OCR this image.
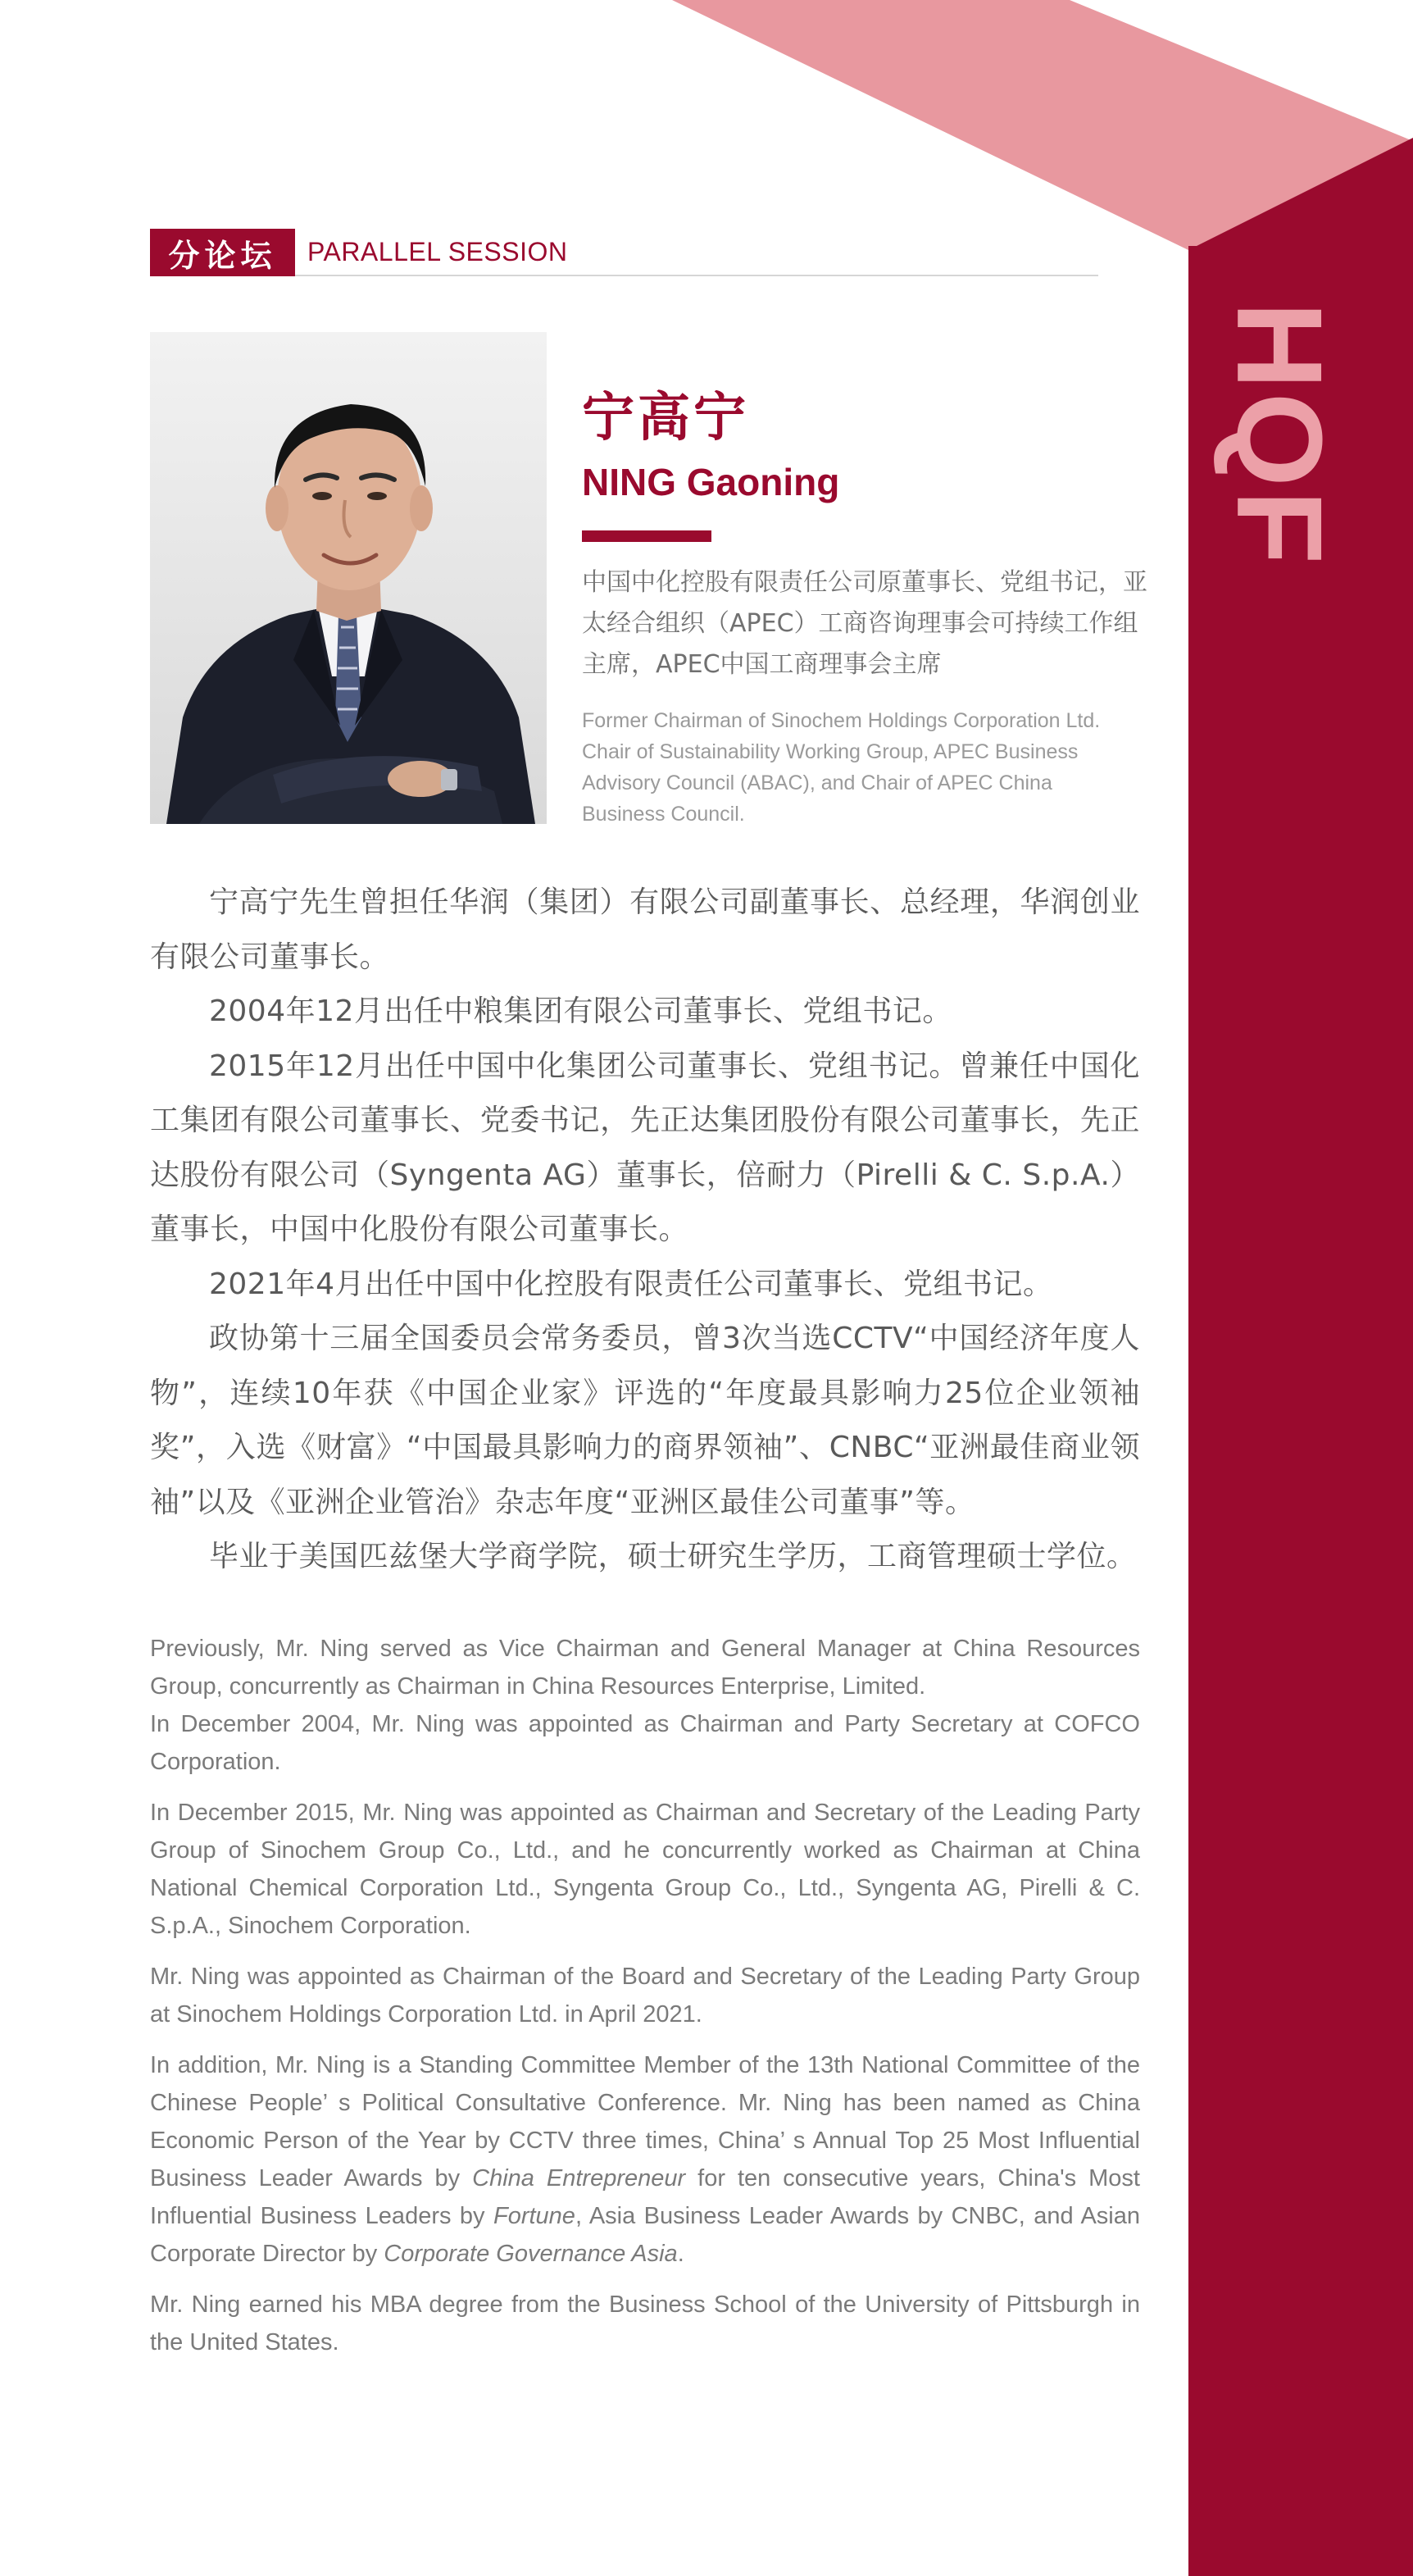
HQF
分论坛	PARALLEL SESSION
宁高宁
NING Gaoning

中国中化控股有限责任公司原董事长、党组书记，亚太经合组织（APEC）工商咨询理事会可持续工作组主席，APEC中国工商理事会主席

Former Chairman of Sinochem Holdings Corporation Ltd. Chair of Sustainability Working Group, APEC Business Advisory Council (ABAC), and Chair of APEC China Business Council.

宁高宁先生曾担任华润（集团）有限公司副董事长、总经理，华润创业有限公司董事长。

2004年12月出任中粮集团有限公司董事长、党组书记。

2015年12月出任中国中化集团公司董事长、党组书记。曾兼任中国化工集团有限公司董事长、党委书记，先正达集团股份有限公司董事长，先正达股份有限公司（Syngenta AG）董事长，倍耐力（Pirelli & C. S.p.A.）董事长，中国中化股份有限公司董事长。

2021年4月出任中国中化控股有限责任公司董事长、党组书记。

政协第十三届全国委员会常务委员，曾3次当选CCTV“中国经济年度人物”，连续10年获《中国企业家》评选的“年度最具影响力25位企业领袖奖”，入选《财富》“中国最具影响力的商界领袖”、CNBC“亚洲最佳商业领袖”以及《亚洲企业管治》杂志年度“亚洲区最佳公司董事”等。

毕业于美国匹兹堡大学商学院，硕士研究生学历，工商管理硕士学位。

Previously, Mr. Ning served as Vice Chairman and General Manager at China Resources Group, concurrently as Chairman in China Resources Enterprise, Limited.

In December 2004, Mr. Ning was appointed as Chairman and Party Secretary at COFCO Corporation.

In December 2015, Mr. Ning was appointed as Chairman and Secretary of the Leading Party Group of Sinochem Group Co., Ltd., and he concurrently worked as Chairman at China National Chemical Corporation Ltd., Syngenta Group Co., Ltd., Syngenta AG, Pirelli & C. S.p.A., Sinochem Corporation.

Mr. Ning was appointed as Chairman of the Board and Secretary of the Leading Party Group at Sinochem Holdings Corporation Ltd. in April 2021.

In addition, Mr. Ning is a Standing Committee Member of the 13th National Committee of the Chinese People’ s Political Consultative Conference. Mr. Ning has been named as China Economic Person of the Year by CCTV three times, China’ s Annual Top 25 Most Influential Business Leader Awards by China Entrepreneur for ten consecutive years, China's Most Influential Business Leaders by Fortune, Asia Business Leader Awards by CNBC, and Asian Corporate Director by Corporate Governance Asia.

Mr. Ning earned his MBA degree from the Business School of the University of Pittsburgh in the United States.
